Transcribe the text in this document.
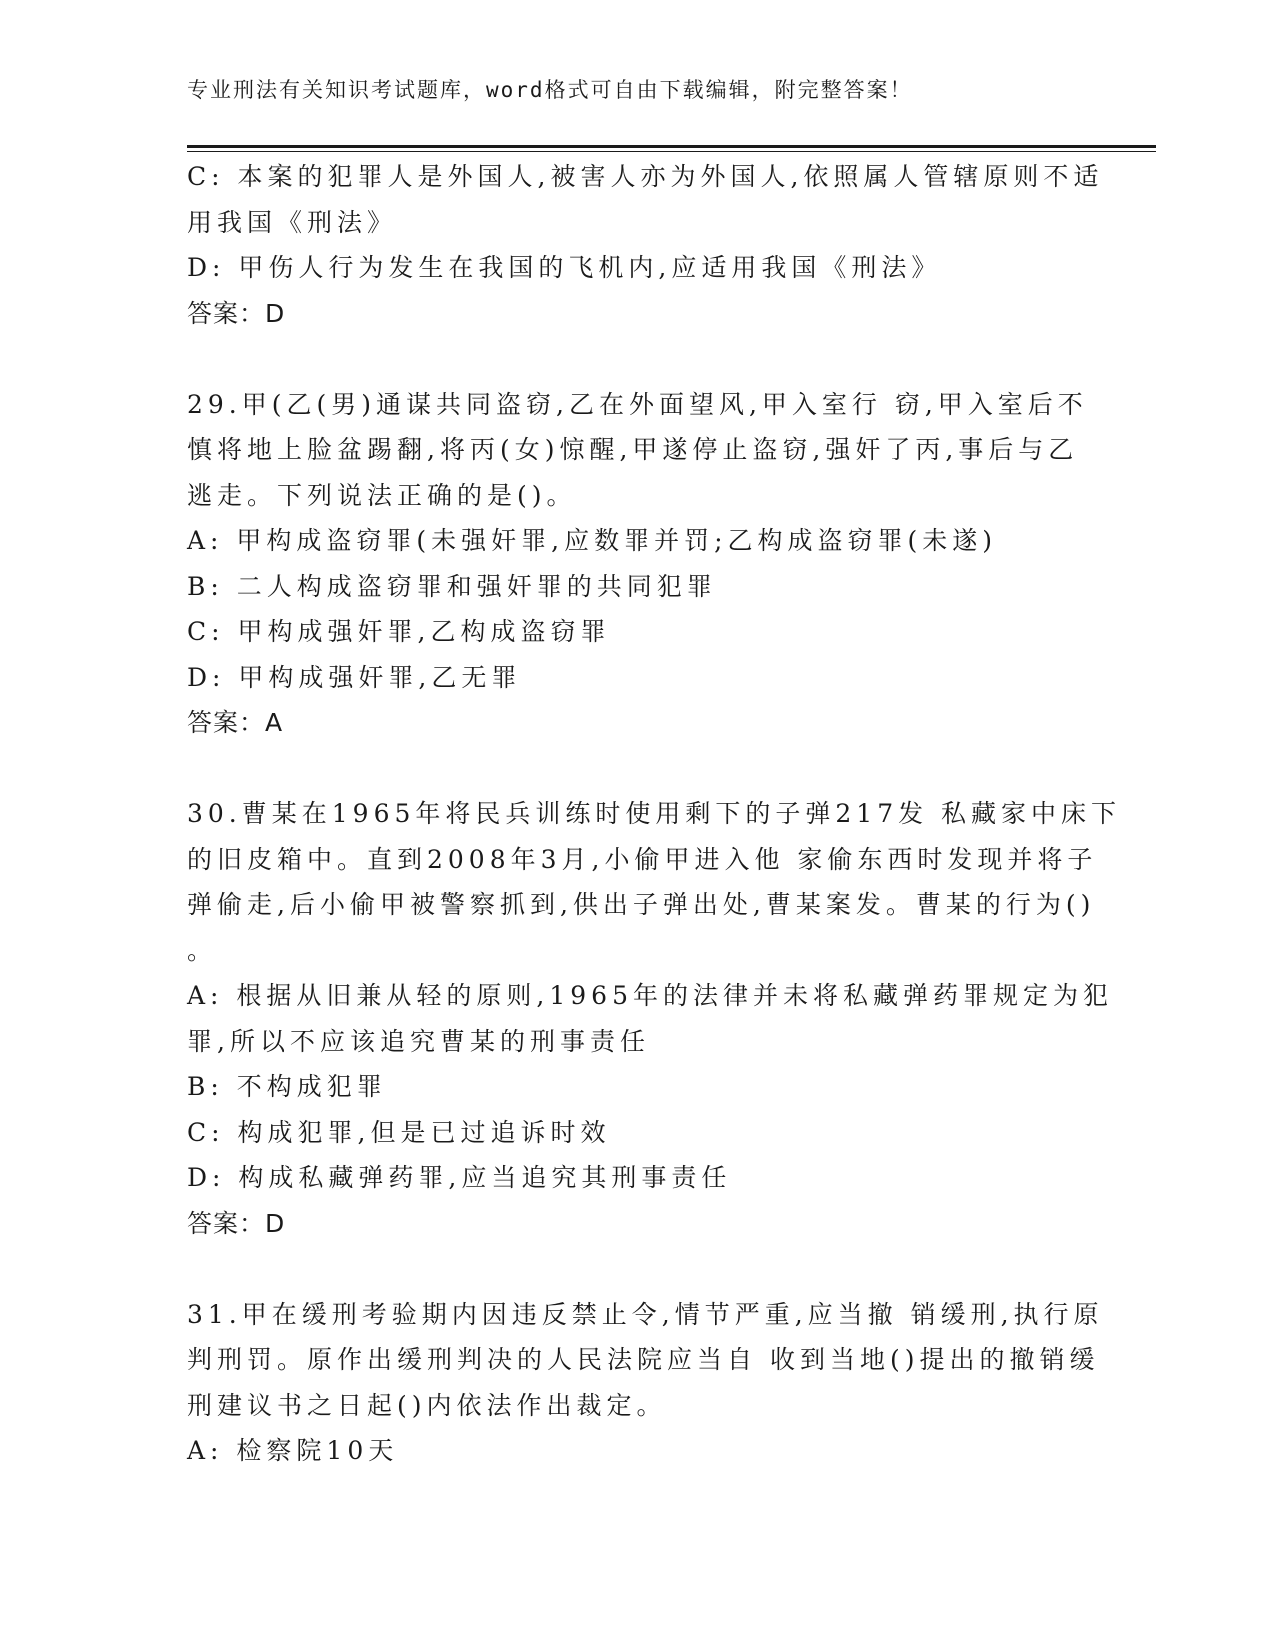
专业刑法有关知识考试题库，word格式可自由下载编辑，附完整答案！
C: 本案的犯罪人是外国人,被害人亦为外国人,依照属人管辖原则不适
用我国《刑法》
D: 甲伤人行为发生在我国的飞机内,应适用我国《刑法》
答案：D
29.甲(乙(男)通谋共同盗窃,乙在外面望风,甲入室行 窃,甲入室后不
慎将地上脸盆踢翻,将丙(女)惊醒,甲遂停止盗窃,强奸了丙,事后与乙
逃走。下列说法正确的是()。
A: 甲构成盗窃罪(未强奸罪,应数罪并罚;乙构成盗窃罪(未遂)
B: 二人构成盗窃罪和强奸罪的共同犯罪
C: 甲构成强奸罪,乙构成盗窃罪
D: 甲构成强奸罪,乙无罪
答案：A
30.曹某在1965年将民兵训练时使用剩下的子弹217发 私藏家中床下
的旧皮箱中。直到2008年3月,小偷甲进入他 家偷东西时发现并将子
弹偷走,后小偷甲被警察抓到,供出子弹出处,曹某案发。曹某的行为()
。
A: 根据从旧兼从轻的原则,1965年的法律并未将私藏弹药罪规定为犯
罪,所以不应该追究曹某的刑事责任
B: 不构成犯罪
C: 构成犯罪,但是已过追诉时效
D: 构成私藏弹药罪,应当追究其刑事责任
答案：D
31.甲在缓刑考验期内因违反禁止令,情节严重,应当撤 销缓刑,执行原
判刑罚。原作出缓刑判决的人民法院应当自 收到当地()提出的撤销缓
刑建议书之日起()内依法作出裁定。
A: 检察院10天
